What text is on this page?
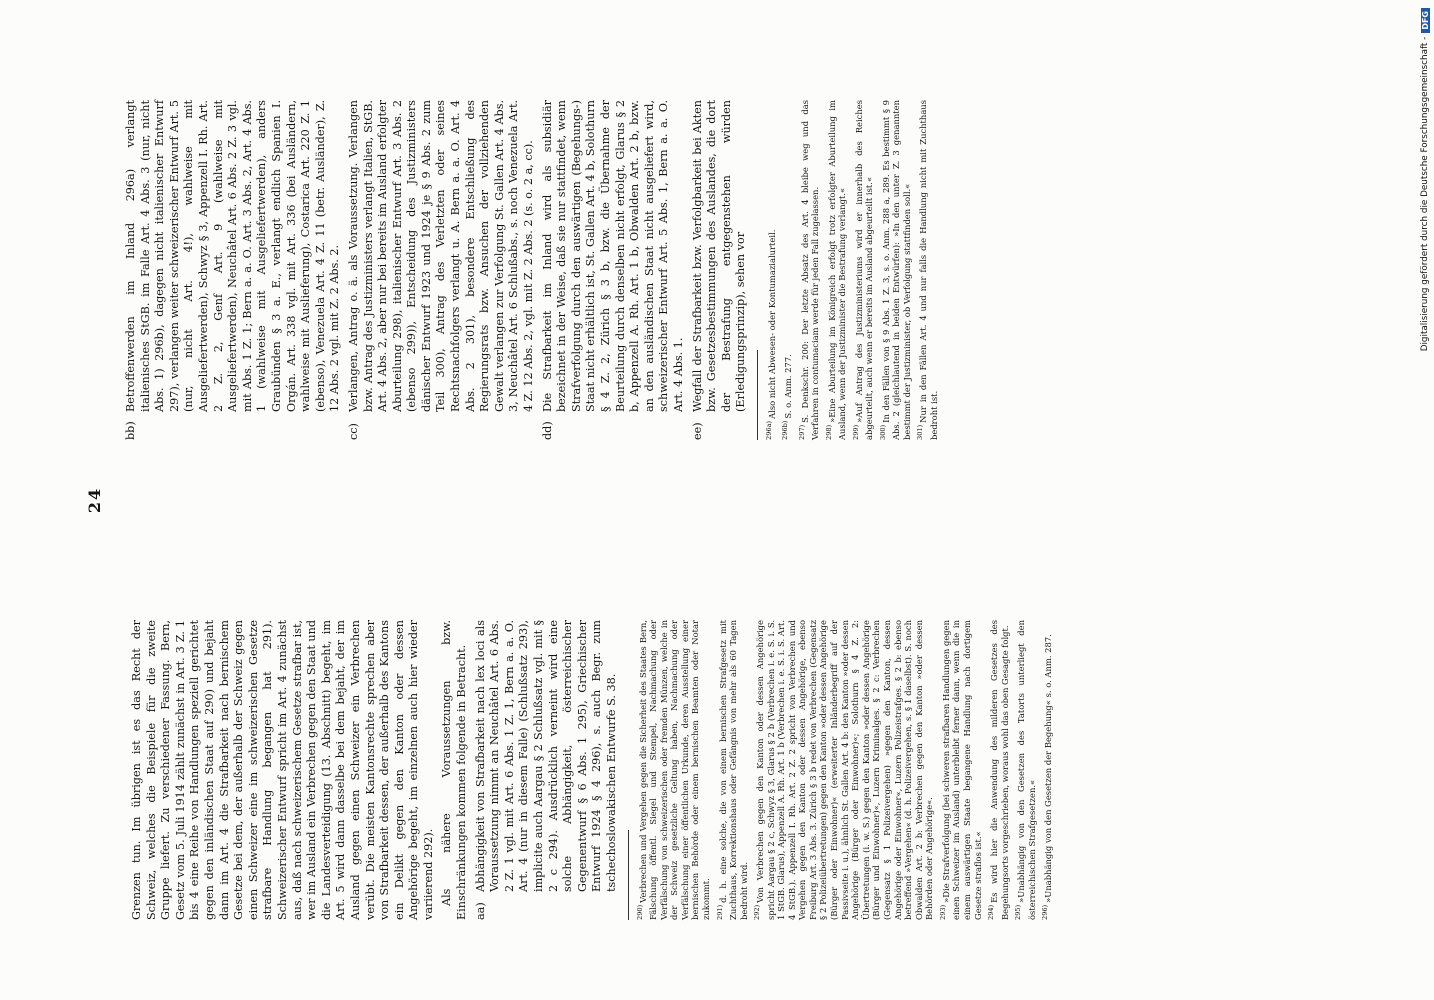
24

Grenzen tun. Im übrigen ist es das Recht der Schweiz, welches die Beispiele für die zweite Gruppe liefert. Zu verschiedener Fassung. Bern, Gesetz vom 5. Juli 1914 zählt zunächst in Art. 3 Z. 1 bis 4 eine Reihe von Handlungen speziell gerichtet gegen den inländischen Staat auf 290) und bejaht dann im Art. 4 die Strafbarkeit nach bernischem Gesetze bei dem, der außerhalb der Schweiz gegen einen Schweizer eine im schweizerischen Gesetze strafbare Handlung begangen hat 291). Schweizerischer Entwurf spricht im Art. 4 zunächst aus, daß nach schweizerischem Gesetze strafbar ist, wer im Ausland ein Verbrechen gegen den Staat und die Landesverteidigung (13. Abschnitt) begeht, im Art. 5 wird dann dasselbe bei dem bejaht, der im Ausland gegen einen Schweizer ein Verbrechen verübt. Die meisten Kantonsrechte sprechen aber von Strafbarkeit dessen, der außerhalb des Kantons ein Delikt gegen den Kanton oder dessen Angehörige begeht, im einzelnen auch hier wieder variierend 292). Als nähere Voraussetzungen bzw. Einschränkungen kommen folgende in Betracht. aa)
Abhängigkeit von Strafbarkeit nach lex loci als Voraussetzung nimmt an Neuchâtel Art. 6 Abs. 2 Z. 1 vgl. mit Art. 6 Abs. 1 Z. 1, Bern a. a. O. Art. 4 (nur in diesem Falle) (Schlußsatz 293), implicite auch Aargau § 2 Schlußsatz vgl. mit § 2 c 294). Ausdrücklich verneint wird eine solche Abhängigkeit, österreichischer Gegenentwurf § 6 Abs. 1 295), Griechischer Entwurf 1924 § 4 296), s. auch Begr. zum tschechoslowakischen Entwurfe S. 38.

$^{290)}$Verbrechen und Vergehen gegen die Sicherheit des Staates Bern, Fälschung öffentl. Siegel und Stempel, Nachmachung oder Verfälschung von schweizerischen oder fremden Münzen, welche in der Schweiz gesetzliche Geltung haben, Nachmachung oder Verfälschung einer öffentlichen Urkunde, deren Ausstellung einer bernischen Behörde oder einem bernischen Beamten oder Notar zukommt. $^{291)}$d. h. eine solche, die von einem bernischen Strafgesetz mit Zuchthaus, Korrektionshaus oder Gefängnis von mehr als 60 Tagen bedroht wird. $^{292)}$Von Verbrechen gegen den Kanton oder dessen Angehörige spricht Aargau § 2 c, Schwyz § 3, Glarus § 2 b (Verbrechen i. e. S. i. S. 1 StGB. Glarus), Appenzell A. Rh. Art. 1 b (Verbrechen i. e. S. i. S. Art. 4 StGB.). Appenzell I. Rh. Art. 2 Z. 2 spricht von Verbrechen und Vergehen gegen den Kanton oder dessen Angehörige, ebenso Freiburg Art. 3 Abs. 3. Zürich § 3 b redet von Verbrechen (Gegensatz § 2 Polizeiübertretungen) gegen den Kanton »oder dessen Angehörige (Bürger oder Einwohner)« (erweiterter Inländerbegriff auf der Passivseite i. u.), ähnlich St. Gallen Art. 4 b: den Kanton »oder dessen Angehörige (Bürger oder Einwohner)«; Solothurn § 4 Z. 2: Übertretungen (i. w. S.) gegen den Kanton »oder dessen Angehörige (Bürger und Einwohner)«, Luzern Kriminalges. § 2 c: Verbrechen (Gegensatz § 1 Polizeivergehen) »gegen den Kanton, dessen Angehörige oder Einwohner«, Luzern Polizeistrafges. § 2 b: ebenso betreffend »Vergehen« (d. h. Polizeivergehen, s. § 1 daselbst). S. noch Obwalden Art. 2 b: Verbrechen gegen den Kanton »oder dessen Behörden oder Angehörige«. $^{293)}$»Die Strafverfolgung (bei schweren strafbaren Handlungen gegen einen Schweizer im Ausland) unterbleibt ferner dann, wenn die in einem auswärtigen Staate begangene Handlung nach dortigem Gesetze straflos ist.« $^{294)}$Es wird hier die Anwendung des milderen Gesetzes des Begehungsorts vorgeschrieben, woraus wohl das oben Gesagte folgt. $^{295)}$»Unabhängig von den Gesetzen des Tatorts unterliegt den österreichischen Strafgesetzen.« $^{296)}$»Unabhängig von den Gesetzen der Begehung« s. o. Anm. 287.

bb)
Betroffenwerden im Inland 296a) verlangt italienisches StGB. im Falle Art. 4 Abs. 3 (nur, nicht Abs. 1) 296b), dagegen nicht italienischer Entwurf 297), verlangen weiter schweizerischer Entwurf Art. 5 (nur, nicht Art. 4!), wahlweise mit Ausgeliefertwerden), Schwyz § 3, Appenzell I. Rh. Art. 2 Z. 2, Genf Art. 9 (wahlweise mit Ausgeliefertwerden), Neuchâtel Art. 6 Abs. 2 Z. 3 vgl. mit Abs. 1 Z. 1; Bern a. a. O. Art. 3 Abs. 2, Art. 4 Abs. 1 (wahlweise mit Ausgeliefertwerden), anders Graubünden § 3 a. E., verlangt endlich Spanien I. Orgán. Art. 338 vgl. mit Art. 336 (bei Ausländern, wahlweise mit Auslieferung), Costarica Art. 220 Z. 1 (ebenso), Venezuela Art. 4 Z. 11 (betr. Ausländer), Z. 12 Abs. 2 vgl. mit Z. 2 Abs. 2.
cc)
Verlangen, Antrag o. ä. als Voraussetzung. Verlangen bzw. Antrag des Justizministers verlangt Italien, StGB. Art. 4 Abs. 2, aber nur bei bereits im Ausland erfolgter Aburteilung 298), italienischer Entwurf Art. 3 Abs. 2 (ebenso 299)), Entscheidung des Justizministers dänischer Entwurf 1923 und 1924 je § 9 Abs. 2 zum Teil 300), Antrag des Verletzten oder seines Rechtsnachfolgers verlangt u. A. Bern a. a. O. Art. 4 Abs. 2 301), besondere Entschließung des Regierungsrats bzw. Ansuchen der vollziehenden Gewalt verlangen zur Verfolgung St. Gallen Art. 4 Abs. 3, Neuchâtel Art. 6 Schlußabs., s. noch Venezuela Art. 4 Z. 12 Abs. 2, vgl. mit Z. 2 Abs. 2 (s. o. 2 a, cc).
dd)
Die Strafbarkeit im Inland wird als subsidiär bezeichnet in der Weise, daß sie nur stattfindet, wenn Strafverfolgung durch den auswärtigen (Begehungs-) Staat nicht erhältlich ist, St. Gallen Art. 4 b, Solothurn § 4 Z. 2, Zürich § 3 b, bzw. die Übernahme der Beurteilung durch denselben nicht erfolgt, Glarus § 2 b, Appenzell A. Rh. Art. 1 b, Obwalden Art. 2 b, bzw. an den ausländischen Staat nicht ausgeliefert wird, schweizerischer Entwurf Art. 5 Abs. 1, Bern a. a. O. Art. 4 Abs. 1.
ee)
Wegfall der Strafbarkeit bzw. Verfolgbarkeit bei Akten bzw. Gesetzesbestimmungen des Auslandes, die dort der Bestrafung entgegenstehen würden (Erledigungsprinzip), sehen vor

$^{296a)}$Also nicht Abwesen- oder Kontumazialurteil.

$^{296b)}$S. o. Anm. 277.

$^{297)}$S. Denkschr. 200: Der letzte Absatz des Art. 4 bleibe weg und das Verfahren in contumaciam werde für jeden Fall zugelassen. $^{298)}$»Eine Aburteilung im Königreich erfolgt trotz erfolgter Aburteilung im Ausland, wenn der Justizminister die Bestrafung verlangt.« $^{299)}$»Auf Antrag des Justizministeriums wird er innerhalb des Reiches abgeurteilt, auch wenn er bereits im Ausland abgeurteilt ist.« $^{300)}$In den Fällen von § 9 Abs. 1 Z. 3, s. o. Anm. 288 a, 289. Es bestimmt § 9 Abs. 2 (gleichlautend in beiden Entwürfen): »In den unter Z. 3 genannten bestimmt der Justizminister, ob Verfolgung stattfinden soll.« $^{301)}$Nur in den Fällen Art. 4 und nur falls die Handlung nicht mit Zuchthaus bedroht ist.

Digitalisierung gefördert durch die Deutsche Forschungsgemeinschaft -
DFG
